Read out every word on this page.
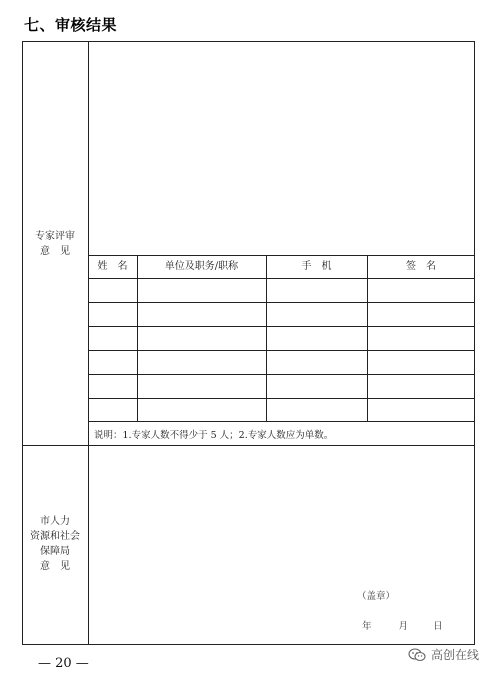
七、审核结果
专家评审
意　见
姓　名	单位及职务/职称	手　机	签　名
说明：1.专家人数不得少于 5 人；2.专家人数应为单数。
市人力
资源和社会
保障局
意　见
（盖章）
年	月	日
— 20 —
高创在线
